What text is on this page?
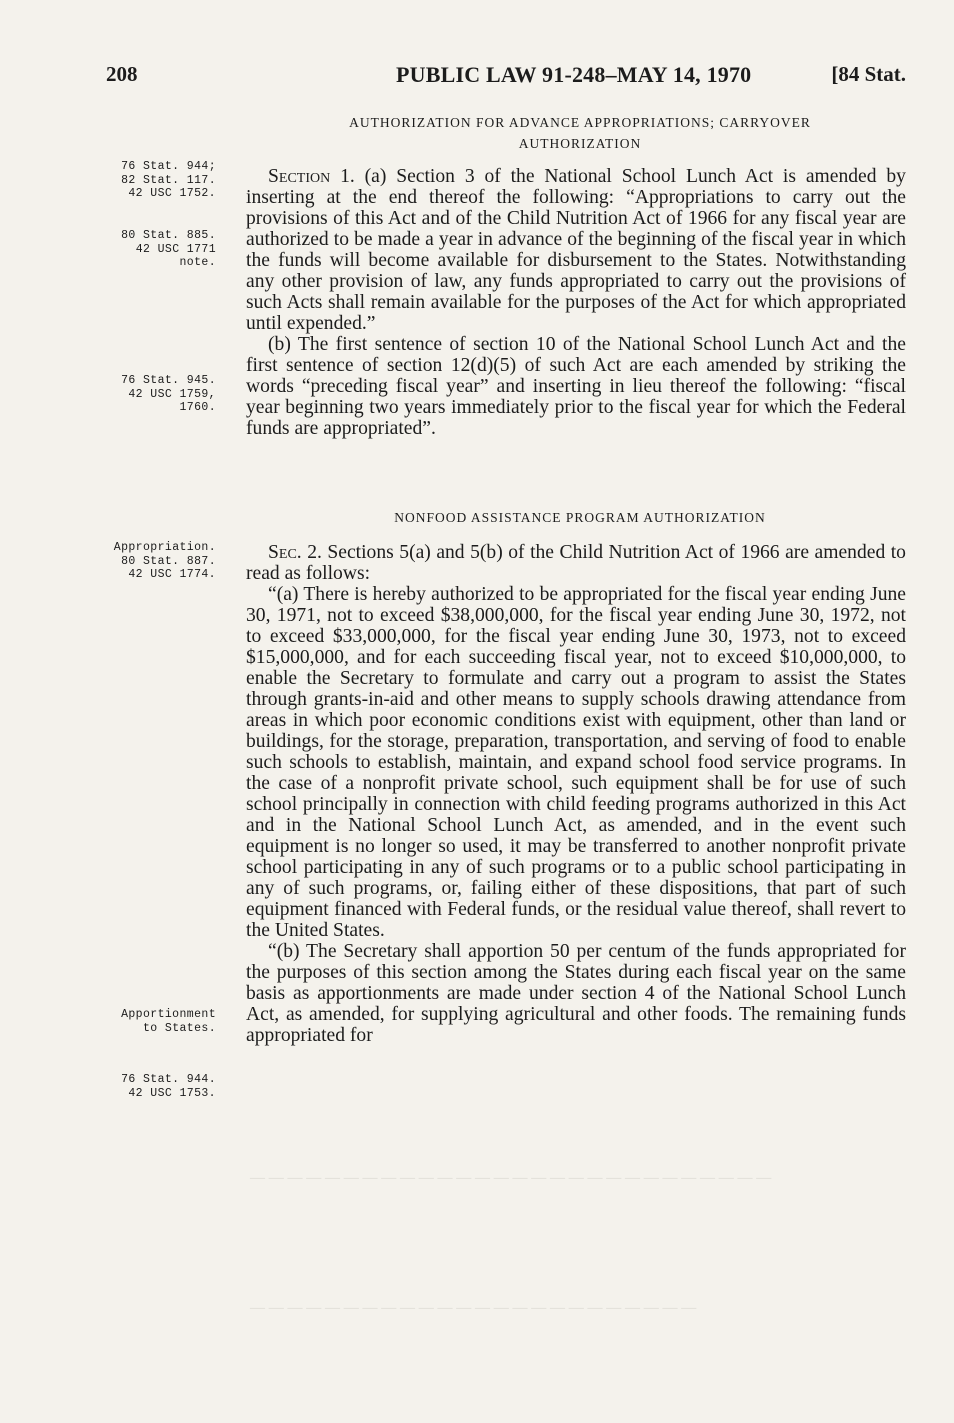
— — — — — — — — — — — — — — — — — — — — — — — — — — — —
— — — — — — — — — — — — — — — — — — — — — — — —
208	PUBLIC LAW 91-248–MAY 14, 1970	[84 Stat.
AUTHORIZATION FOR ADVANCE APPROPRIATIONS; CARRYOVER AUTHORIZATION
76 Stat. 944;
82 Stat. 117.
42 USC 1752.
80 Stat. 885.
42 USC 1771
note.
76 Stat. 945.
42 USC 1759,
1760.
Appropriation.
80 Stat. 887.
42 USC 1774.
Apportionment
to States.
76 Stat. 944.
42 USC 1753.

Section 1. (a) Section 3 of the National School Lunch Act is amended by inserting at the end thereof the following: “Appropriations to carry out the provisions of this Act and of the Child Nutrition Act of 1966 for any fiscal year are authorized to be made a year in advance of the beginning of the fiscal year in which the funds will become available for disbursement to the States. Notwithstanding any other provision of law, any funds appropriated to carry out the provisions of such Acts shall remain available for the purposes of the Act for which appropriated until expended.”

(b) The first sentence of section 10 of the National School Lunch Act and the first sentence of section 12(d)(5) of such Act are each amended by striking the words “preceding fiscal year” and inserting in lieu thereof the following: “fiscal year beginning two years immediately prior to the fiscal year for which the Federal funds are appropriated”.

NONFOOD ASSISTANCE PROGRAM AUTHORIZATION

Sec. 2. Sections 5(a) and 5(b) of the Child Nutrition Act of 1966 are amended to read as follows:

“(a) There is hereby authorized to be appropriated for the fiscal year ending June 30, 1971, not to exceed $38,000,000, for the fiscal year ending June 30, 1972, not to exceed $33,000,000, for the fiscal year ending June 30, 1973, not to exceed $15,000,000, and for each succeeding fiscal year, not to exceed $10,000,000, to enable the Secretary to formulate and carry out a program to assist the States through grants-in-aid and other means to supply schools drawing attendance from areas in which poor economic conditions exist with equipment, other than land or buildings, for the storage, preparation, transportation, and serving of food to enable such schools to establish, maintain, and expand school food service programs. In the case of a nonprofit private school, such equipment shall be for use of such school principally in connection with child feeding programs authorized in this Act and in the National School Lunch Act, as amended, and in the event such equipment is no longer so used, it may be transferred to another nonprofit private school participating in any of such programs or to a public school participating in any of such programs, or, failing either of these dispositions, that part of such equipment financed with Federal funds, or the residual value thereof, shall revert to the United States.

“(b) The Secretary shall apportion 50 per centum of the funds appropriated for the purposes of this section among the States during each fiscal year on the same basis as apportionments are made under section 4 of the National School Lunch Act, as amended, for supplying agricultural and other foods. The remaining funds appropriated for
